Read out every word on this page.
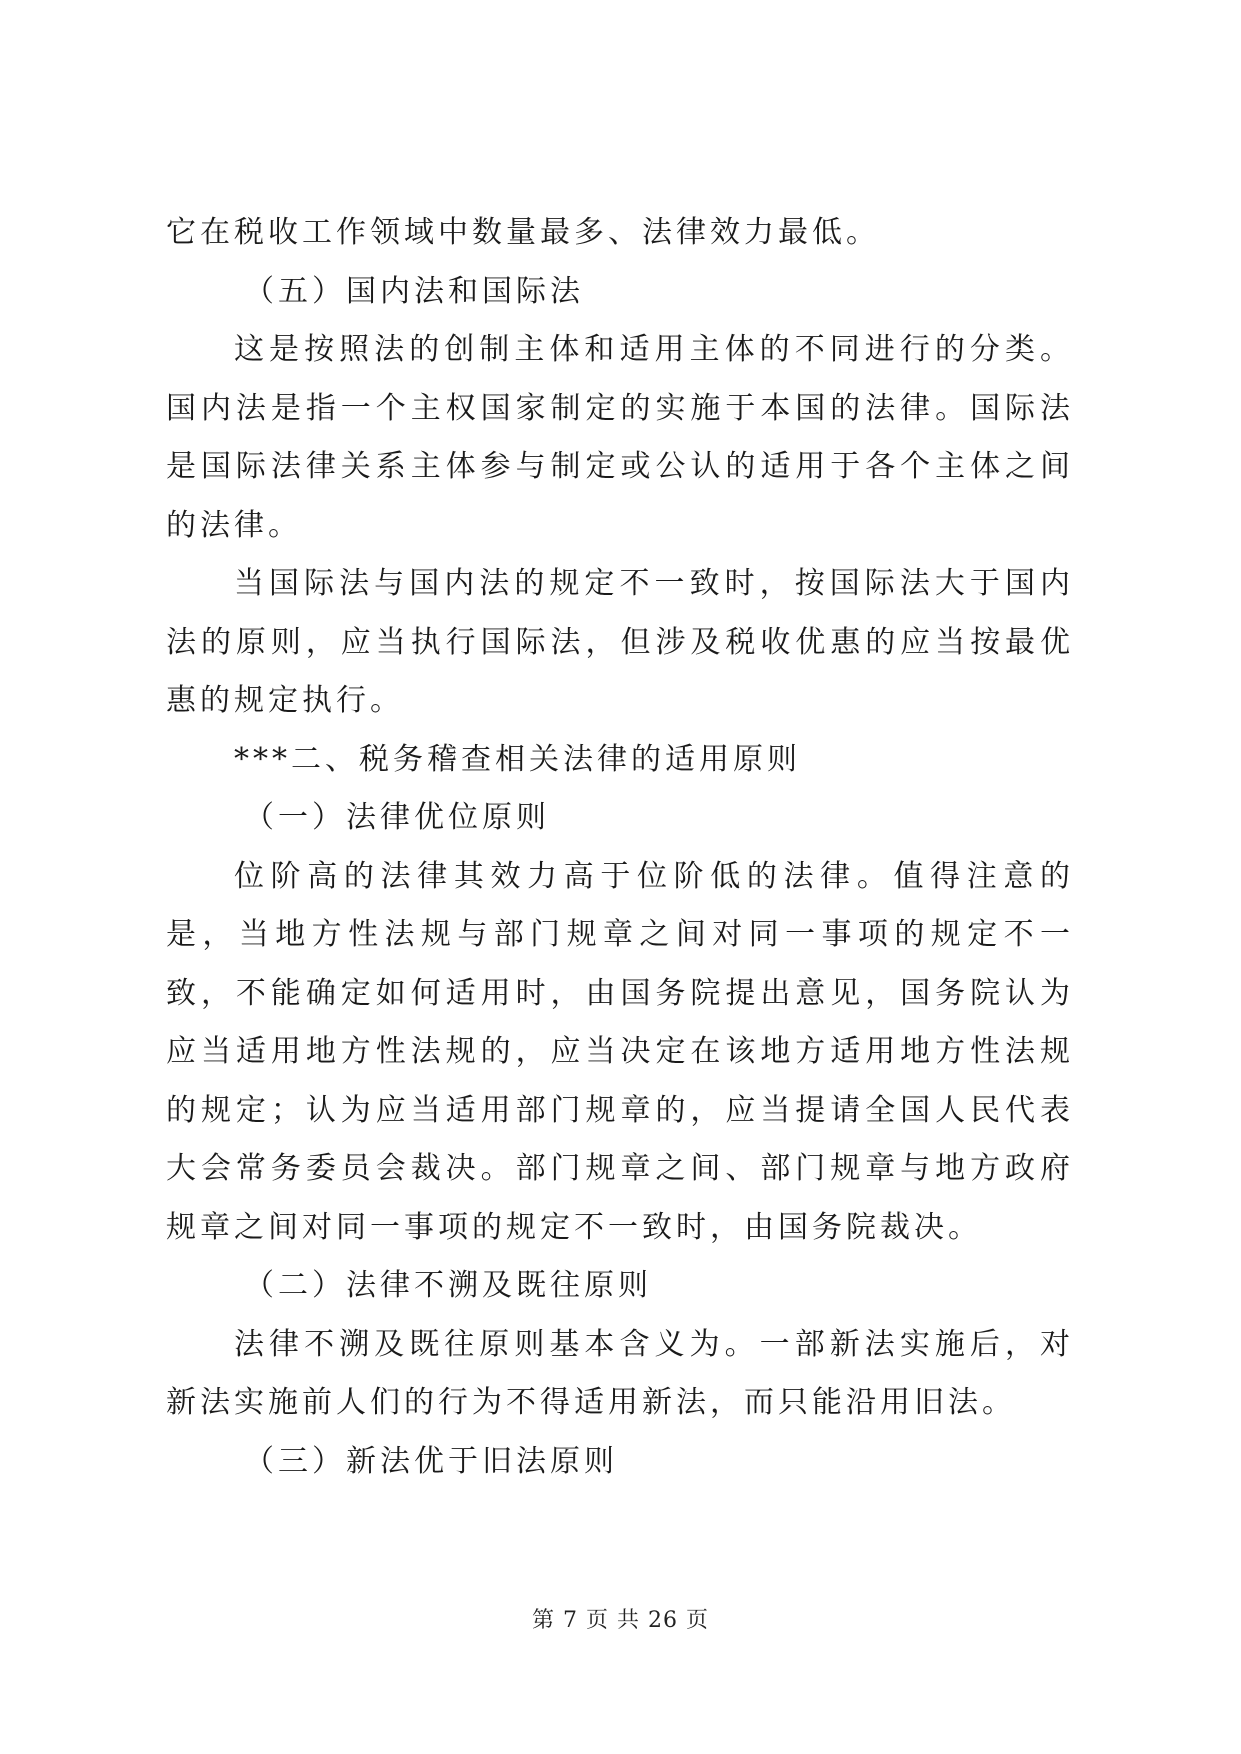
它在税收工作领域中数量最多、法律效力最低。

（五）国内法和国际法

这是按照法的创制主体和适用主体的不同进行的分类。国内法是指一个主权国家制定的实施于本国的法律。国际法是国际法律关系主体参与制定或公认的适用于各个主体之间的法律。

当国际法与国内法的规定不一致时，按国际法大于国内法的原则，应当执行国际法，但涉及税收优惠的应当按最优惠的规定执行。

***二、税务稽查相关法律的适用原则

（一）法律优位原则

位阶高的法律其效力高于位阶低的法律。值得注意的是，当地方性法规与部门规章之间对同一事项的规定不一致，不能确定如何适用时，由国务院提出意见，国务院认为应当适用地方性法规的，应当决定在该地方适用地方性法规的规定；认为应当适用部门规章的，应当提请全国人民代表大会常务委员会裁决。部门规章之间、部门规章与地方政府规章之间对同一事项的规定不一致时，由国务院裁决。

（二）法律不溯及既往原则

法律不溯及既往原则基本含义为。一部新法实施后，对新法实施前人们的行为不得适用新法，而只能沿用旧法。

（三）新法优于旧法原则

第 7 页 共 26 页
